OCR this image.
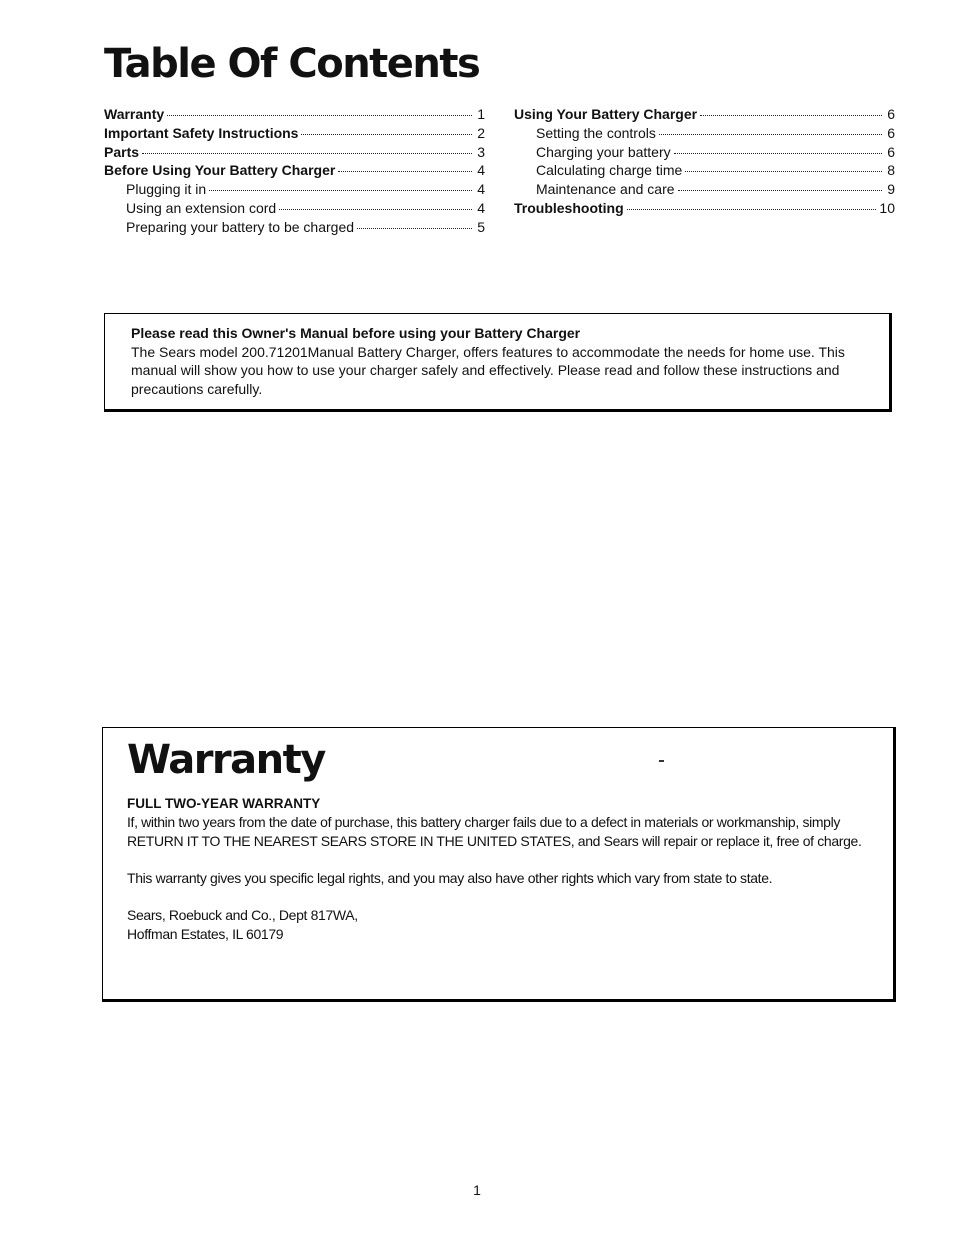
Table Of Contents
Warranty	1
Important Safety Instructions	2
Parts	3
Before Using Your Battery Charger	4
Plugging it in	4
Using an extension cord	4
Preparing your battery to be charged	5
Using Your Battery Charger	6
Setting the controls	6
Charging your battery	6
Calculating charge time	8
Maintenance and care	9
Troubleshooting	10
Please read this Owner's Manual before using your Battery Charger

The Sears model 200.71201Manual Battery Charger, offers features to accommodate the needs for home use. This manual will show you how to use your charger safely and effectively. Please read and follow these instructions and precautions carefully.

Warranty
FULL TWO-YEAR WARRANTY

If, within two years from the date of purchase, this battery charger fails due to a defect in materials or workmanship, simply RETURN IT TO THE NEAREST SEARS STORE IN THE UNITED STATES, and Sears will repair or replace it, free of charge.

This warranty gives you specific legal rights, and you may also have other rights which vary from state to state.

Sears, Roebuck and Co., Dept 817WA,
Hoffman Estates, IL 60179

1
